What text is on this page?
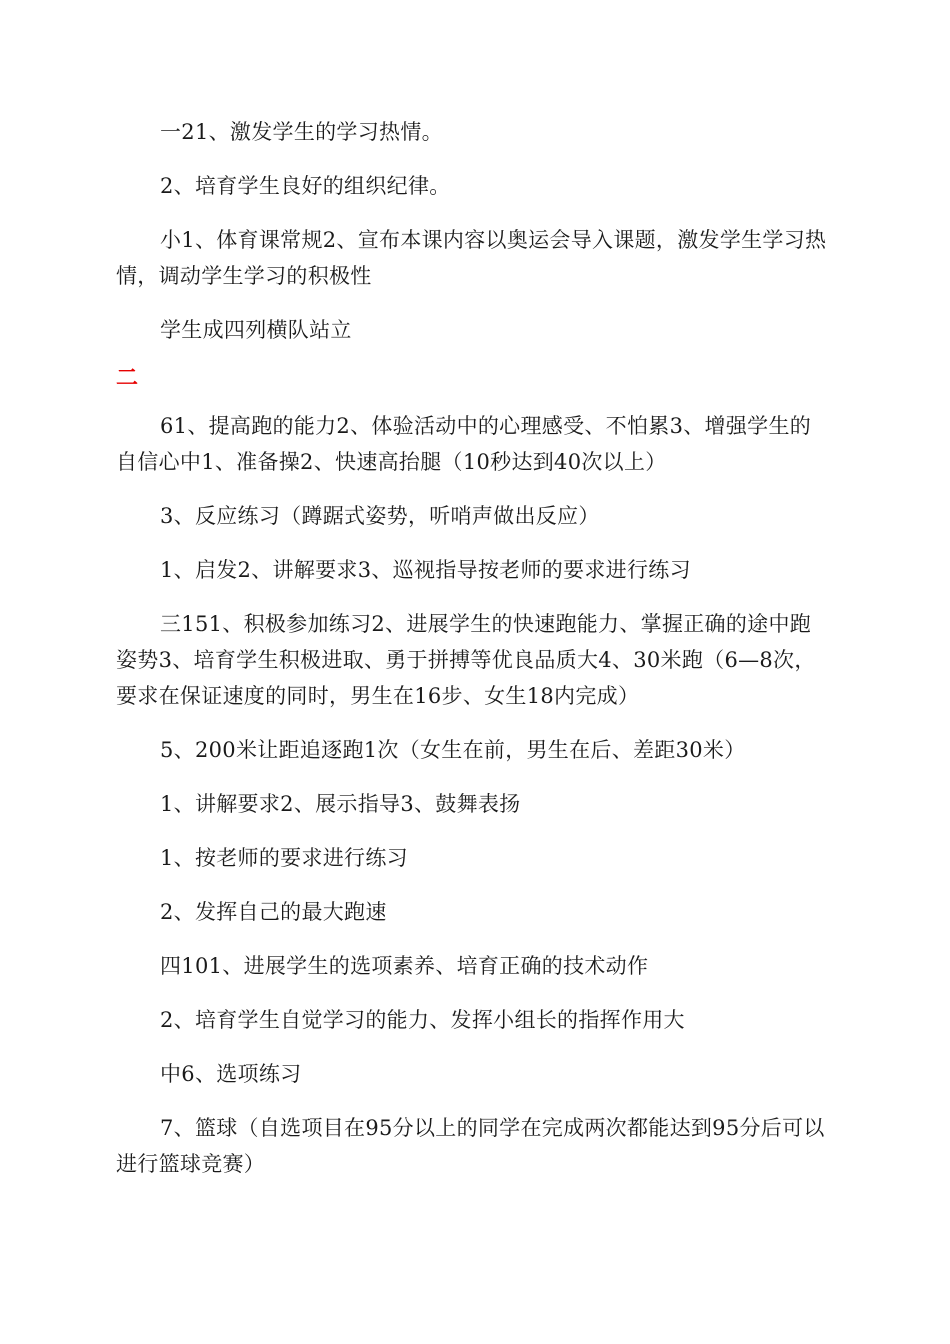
一21、激发学生的学习热情。

2、培育学生良好的组织纪律。

小1、体育课常规2、宣布本课内容以奥运会导入课题，激发学生学习热情，调动学生学习的积极性

学生成四列横队站立

二

61、提高跑的能力2、体验活动中的心理感受、不怕累3、增强学生的自信心中1、准备操2、快速高抬腿（10秒达到40次以上）

3、反应练习（蹲踞式姿势，听哨声做出反应）

1、启发2、讲解要求3、巡视指导按老师的要求进行练习

三151、积极参加练习2、进展学生的快速跑能力、掌握正确的途中跑姿势3、培育学生积极进取、勇于拼搏等优良品质大4、30米跑（6—8次，要求在保证速度的同时，男生在16步、女生18内完成）

5、200米让距追逐跑1次（女生在前，男生在后、差距30米）

1、讲解要求2、展示指导3、鼓舞表扬

1、按老师的要求进行练习

2、发挥自己的最大跑速

四101、进展学生的选项素养、培育正确的技术动作

2、培育学生自觉学习的能力、发挥小组长的指挥作用大

中6、选项练习

7、篮球（自选项目在95分以上的同学在完成两次都能达到95分后可以进行篮球竞赛）
